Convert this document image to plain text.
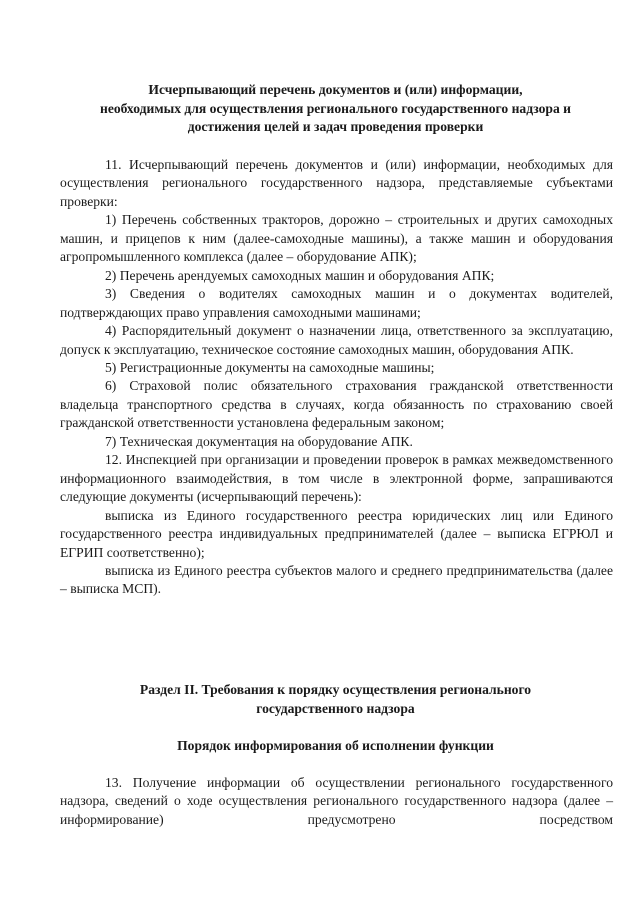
Исчерпывающий перечень документов и (или) информации,
необходимых для осуществления регионального государственного надзора и
достижения целей и задач проведения проверки

11. Исчерпывающий перечень документов и (или) информации, необходимых для осуществления регионального государственного надзора, представляемые субъектами проверки:

1) Перечень собственных тракторов, дорожно – строительных и других самоходных машин, и прицепов к ним (далее-самоходные машины), а также машин и оборудования агропромышленного комплекса (далее – оборудование АПК);

2) Перечень арендуемых самоходных машин и оборудования АПК;

3) Сведения о водителях самоходных машин и о документах водителей, подтверждающих право управления самоходными машинами;

4) Распорядительный документ о назначении лица, ответственного за эксплуатацию, допуск к эксплуатацию, техническое состояние самоходных машин, оборудования АПК.

5) Регистрационные документы на самоходные машины;

6) Страховой полис обязательного страхования гражданской ответственности владельца транспортного средства в случаях, когда обязанность по страхованию своей гражданской ответственности установлена федеральным законом;

7) Техническая документация на оборудование АПК.

12. Инспекцией при организации и проведении проверок в рамках межведомственного информационного взаимодействия, в том числе в электронной форме, запрашиваются следующие документы (исчерпывающий перечень):

выписка из Единого государственного реестра юридических лиц или Единого государственного реестра индивидуальных предпринимателей (далее – выписка ЕГРЮЛ и ЕГРИП соответственно);

выписка из Единого реестра субъектов малого и среднего предпринимательства (далее – выписка МСП).

Раздел II. Требования к порядку осуществления регионального
государственного надзора
Порядок информирования об исполнении функции

13. Получение информации об осуществлении регионального государственного надзора, сведений о ходе осуществления регионального государственного надзора (далее – информирование) предусмотрено посредством
